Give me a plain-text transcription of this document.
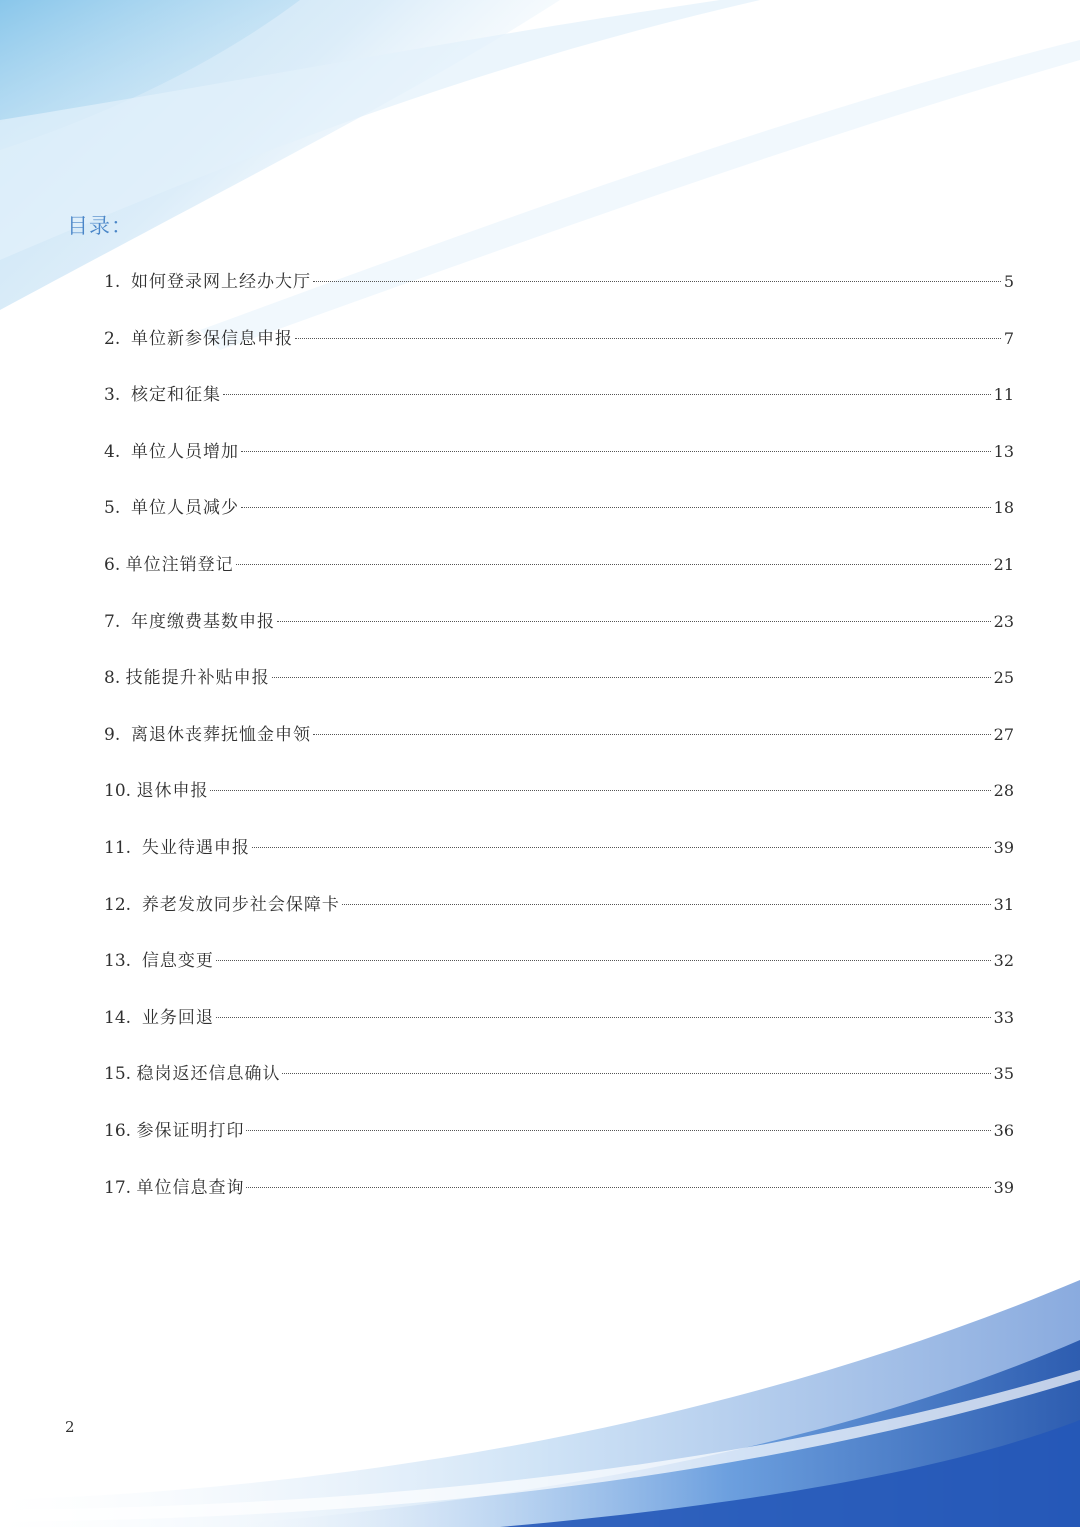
目录：
1. 如何登录网上经办大厅	5
2. 单位新参保信息申报	7
3. 核定和征集	11
4. 单位人员增加	13
5. 单位人员减少	18
6. 单位注销登记	21
7. 年度缴费基数申报	23
8. 技能提升补贴申报	25
9. 离退休丧葬抚恤金申领	27
10. 退休申报	28
11. 失业待遇申报	39
12. 养老发放同步社会保障卡	31
13. 信息变更	32
14. 业务回退	33
15. 稳岗返还信息确认	35
16. 参保证明打印	36
17. 单位信息查询	39
2
